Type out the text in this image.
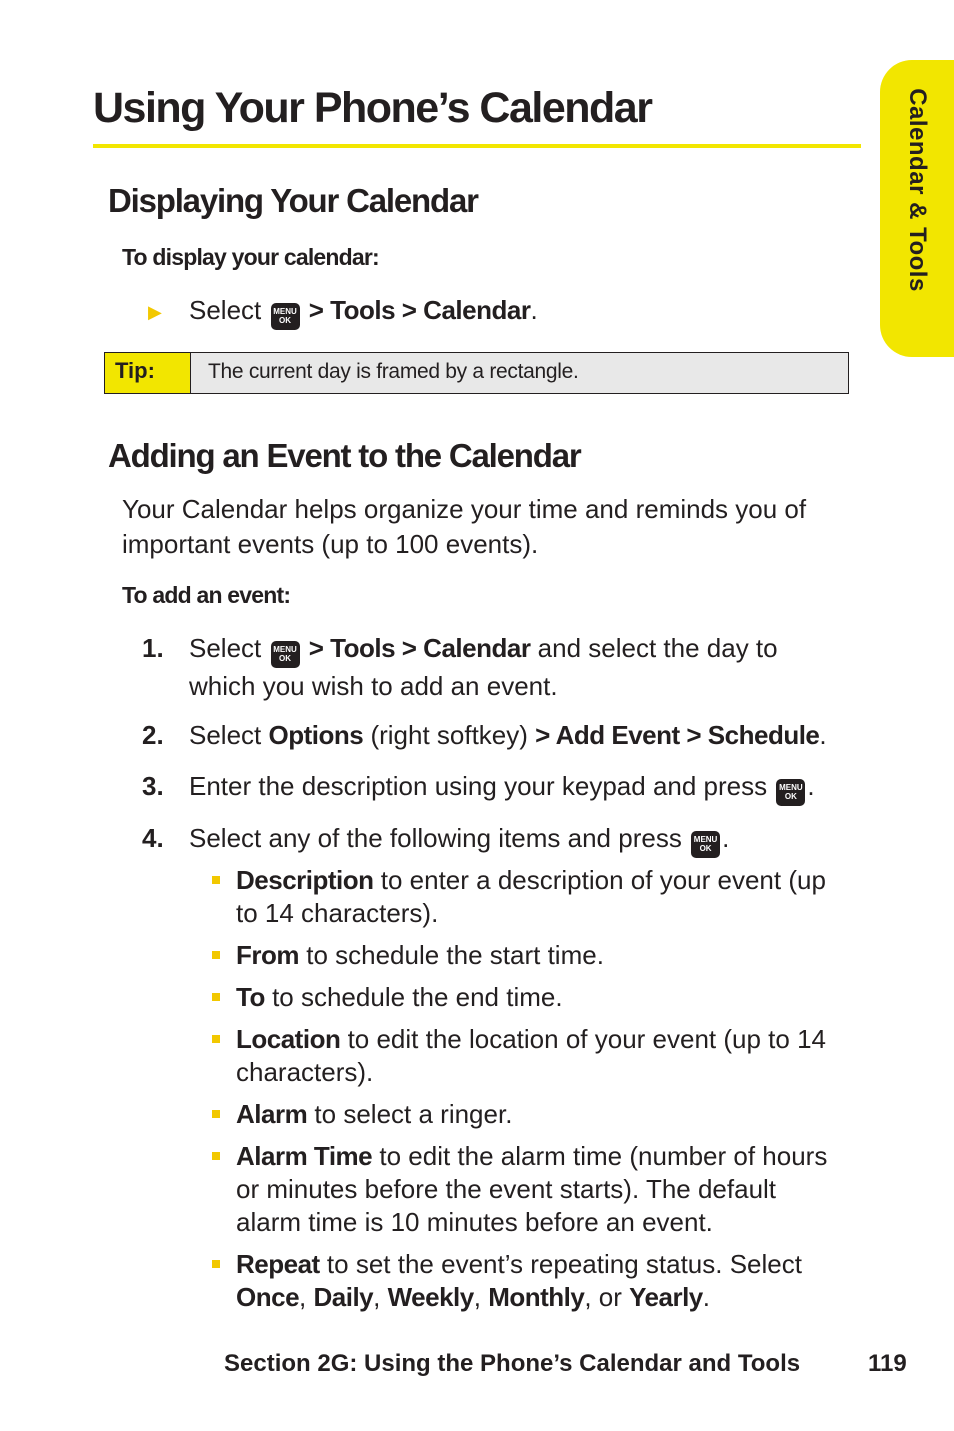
Using Your Phone’s Calendar	Calendar & Tools
Displaying Your Calendar
To display your calendar:
▶ Select	MENU
OK > Tools > Calendar.
Tip:	The current day is framed by a rectangle.
Adding an Event to the Calendar
Your Calendar helps organize your time and reminds you of important events (up to 100 events).
To add an event:
1. Select	MENU
OK > Tools > Calendar and select the day to which you wish to add an event.
2. Select Options (right softkey) > Add Event > Schedule.
3. Enter the description using your keypad and press	MENU
OK .
4. Select any of the following items and press	MENU
OK .
Description to enter a description of your event (up to 14 characters).
From to schedule the start time.
To to schedule the end time.
Location to edit the location of your event (up to 14 characters).
Alarm to select a ringer.
Alarm Time to edit the alarm time (number of hours or minutes before the event starts). The default alarm time is 10 minutes before an event.
Repeat to set the event’s repeating status. Select Once, Daily, Weekly, Monthly, or Yearly.
Section 2G: Using the Phone’s Calendar and Tools	119
